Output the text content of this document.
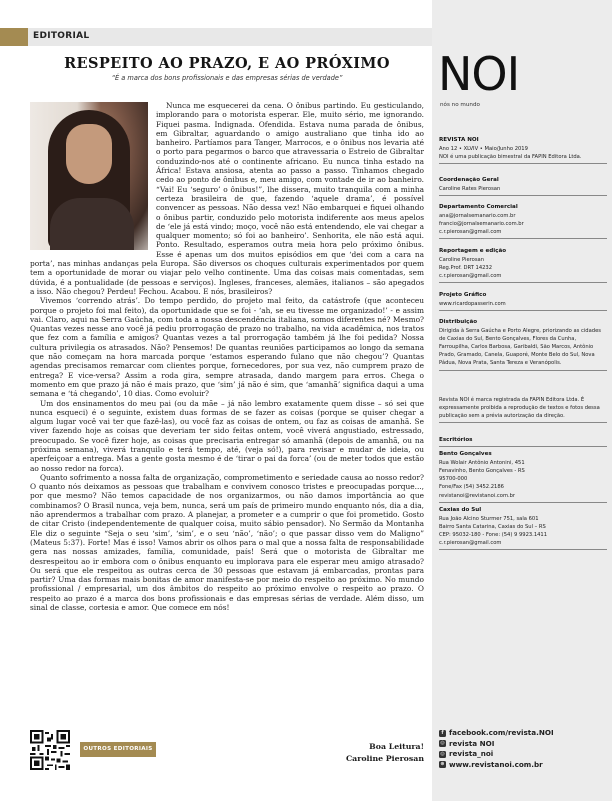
EDITORIAL
RESPEITO AO PRAZO, E AO PRÓXIMO
“É a marca dos bons profissionais e das empresas sérias de verdade”

Nunca me esquecerei da cena. O ônibus partindo. Eu gesticulando, implorando para o motorista esperar. Ele, muito sério, me ignorando. Fiquei pasma. Indignada. Ofendida. Estava numa parada de ônibus, em Gibraltar, aguardando o amigo australiano que tinha ido ao banheiro. Partíamos para Tanger, Marrocos, e o ônibus nos levaria até o porto para pegarmos o barco que atravessaria o Estreio de Gibraltar conduzindo-nos até o continente africano. Eu nunca tinha estado na África! Estava ansiosa, atenta ao passo a passo. Tinhamos chegado cedo ao ponto de ônibus e, meu amigo, com vontade de ir ao banheiro. “Vai! Eu ‘seguro’ o ônibus!”, lhe dissera, muito tranquila com a minha certeza brasileira de que, fazendo ‘aquele drama’, é possível convencer as pessoas. Não dessa vez! Não embarquei e fiquei olhando o ônibus partir, conduzido pelo motorista indiferente aos meus apelos de ‘ele já está vindo; moço, você não está entendendo, ele vai chegar a qualquer momento; só foi ao banheiro’. Senhorita, ele não está aqui. Ponto. Resultado, esperamos outra meia hora pelo próximo ônibus. Esse é apenas um dos muitos episódios em que ‘dei com a cara na porta’, nas minhas andanças pela Europa. São diversos os choques culturais experimentados por quem tem a oportunidade de morar ou viajar pelo velho continente. Uma das coisas mais comentadas, sem dúvida, é a pontualidade (de pessoas e serviços). Ingleses, franceses, alemães, italianos – são apegados a isso. Não chegou? Perdeu! Fechou. Acabou. E nós, brasileiros?

Vivemos ‘correndo atrás’. Do tempo perdido, do projeto mal feito, da catástrofe (que aconteceu porque o projeto foi mal feito), da oportunidade que se foi - ‘ah, se eu tivesse me organizado!’ - e assim vai. Claro, aqui na Serra Gaúcha, com toda a nossa descendência italiana, somos diferentes né? Mesmo? Quantas vezes nesse ano você já pediu prorrogação de prazo no trabalho, na vida acadêmica, nos tratos que fez com a família e amigos? Quantas vezes a tal prorrogação também já lhe foi pedida? Nossa cultura privilegia os atrasados. Não? Pensemos! De quantas reuniões participamos ao longo da semana que não começam na hora marcada porque ‘estamos esperando fulano que não chegou’? Quantas agendas precisamos remarcar com clientes porque, fornecedores, por sua vez, não cumprem prazo de entrega? E vice-versa? Assim a roda gira, sempre atrasada, dando margem para erros. Chega o momento em que prazo já não é mais prazo, que ‘sim’ já não é sim, que ‘amanhã’ significa daqui a uma semana e ‘tá chegando’, 10 dias. Como evoluir?

Um dos ensinamentos do meu pai (ou da mãe – já não lembro exatamente quem disse – só sei que nunca esqueci) é o seguinte, existem duas formas de se fazer as coisas (porque se quiser chegar a algum lugar você vai ter que fazê-las), ou você faz as coisas de ontem, ou faz as coisas de amanhã. Se viver fazendo hoje as coisas que deveriam ter sido feitas ontem, você viverá angustiado, estressado, preocupado. Se você fizer hoje, as coisas que precisaria entregar só amanhã (depois de amanhã, ou na próxima semana), viverá tranquilo e terá tempo, até, (veja só!), para revisar e mudar de ideia, ou aperfeiçoar a entrega. Mas a gente gosta mesmo é de ‘tirar o pai da forca’ (ou de meter todos que estão ao nosso redor na forca).

Quanto sofrimento a nossa falta de organização, comprometimento e seriedade causa ao nosso redor? O quanto nós deixamos as pessoas que trabalham e convivem conosco tristes e preocupadas porque..., por que mesmo? Não temos capacidade de nos organizarmos, ou não damos importância ao que combinamos? O Brasil nunca, veja bem, nunca, será um país de primeiro mundo enquanto nós, dia a dia, não aprendermos a trabalhar com prazo. A planejar, a prometer e a cumprir o que foi prometido. Gosto de citar Cristo (independentemente de qualquer coisa, muito sábio pensador). No Sermão da Montanha Ele diz o seguinte “Seja o seu ‘sim’, ‘sim’, e o seu ‘não’, ‘não’; o que passar disso vem do Maligno” (Mateus 5:37). Forte! Mas é isso! Vamos abrir os olhos para o mal que a nossa falta de responsabilidade gera nas nossas amizades, família, comunidade, país! Será que o motorista de Gibraltar me desrespeitou ao ir embora com o ônibus enquanto eu implorava para ele esperar meu amigo atrasado? Ou será que ele respeitou as outras cerca de 30 pessoas que estavam já embarcadas, prontas para partir? Uma das formas mais bonitas de amor manifesta-se por meio do respeito ao próximo. No mundo profissional / empresarial, um dos âmbitos do respeito ao próximo envolve o respeito ao prazo. O respeito ao prazo é a marca dos bons profissionais e das empresas sérias de verdade. Além disso, um sinal de classe, cortesia e amor. Que comece em nós!

Boa Leitura!
Caroline Pierosan
OUTROS EDITORIAIS
NOI
nós no mundo

REVISTA NOI

Ano 12 • XLVIV • Maio/Junho 2019

NOI é uma publicação bimestral da FAPIN Editora Ltda.

Coordenação Geral

Caroline Rates Pierosan

Departamento Comercial

ana@jornalsemanario.com.br

francio@jornalsemanario.com.br

c.r.pierosan@gmail.com

Reportagem e edição

Caroline Pierosan

Reg.Prof. DRT 14232

c.r.pierosan@gmail.com

Projeto Gráfico

www.ricardopasserin.com

Distribuição

Dirigida à Serra Gaúcha e Porto Alegre, priorizando as cidades de Caxias do Sul, Bento Gonçalves, Flores da Cunha, Farroupilha, Carlos Barbosa, Garibaldi, São Marcos, Antônio Prado, Gramado, Canela, Guaporé, Monte Belo do Sul, Nova Pádua, Nova Prata, Santa Tereza e Veranópolis.

Revista NOI é marca registrada da FAPIN Editora Ltda. É expressamente proibida a reprodução de textos e fotos dessa publicação sem a prévia autorização da direção.

Escritórios

Bento Gonçalves

Rua Wolair Antônio Antonini, 451

Fenavinho, Bento Gonçalves - RS

95700-000

Fone/Fax (54) 3452.2186

revistanoi@revistanoi.com.br

Caxias do Sul

Rua João Alcino Sturmer 751, sala 601

Bairro Santa Catarina, Caxias do Sul – RS

CEP: 95032-180 - Fone: (54) 9 9923.1411

c.r.pierosan@gmail.com

f facebook.com/revista.NOI
◎ revista NOI
◎ revista_noi
⊕ www.revistanoi.com.br
